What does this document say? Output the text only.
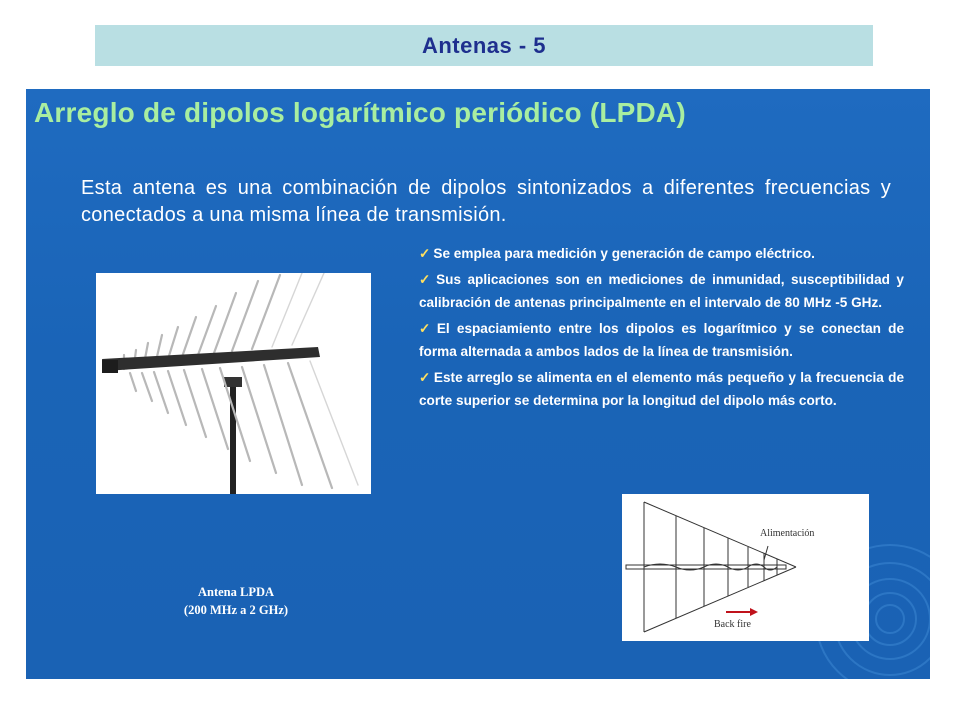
Antenas - 5
Arreglo de dipolos logarítmico periódico (LPDA)
Esta antena es una combinación de dipolos sintonizados a diferentes frecuencias y conectados a una misma línea de transmisión.
✓ Se emplea para medición y generación de campo eléctrico.
✓ Sus aplicaciones son en mediciones de inmunidad, susceptibilidad y calibración de antenas principalmente en el intervalo de 80 MHz -5 GHz.
✓ El espaciamiento entre los dipolos es logarítmico y se conectan de forma alternada a ambos lados de la línea de transmisión.
✓ Este arreglo se alimenta en el elemento más pequeño y la frecuencia de corte superior se determina por la longitud del dipolo más corto.
Antena LPDA
(200 MHz a 2 GHz)
Alimentación
Back fire
